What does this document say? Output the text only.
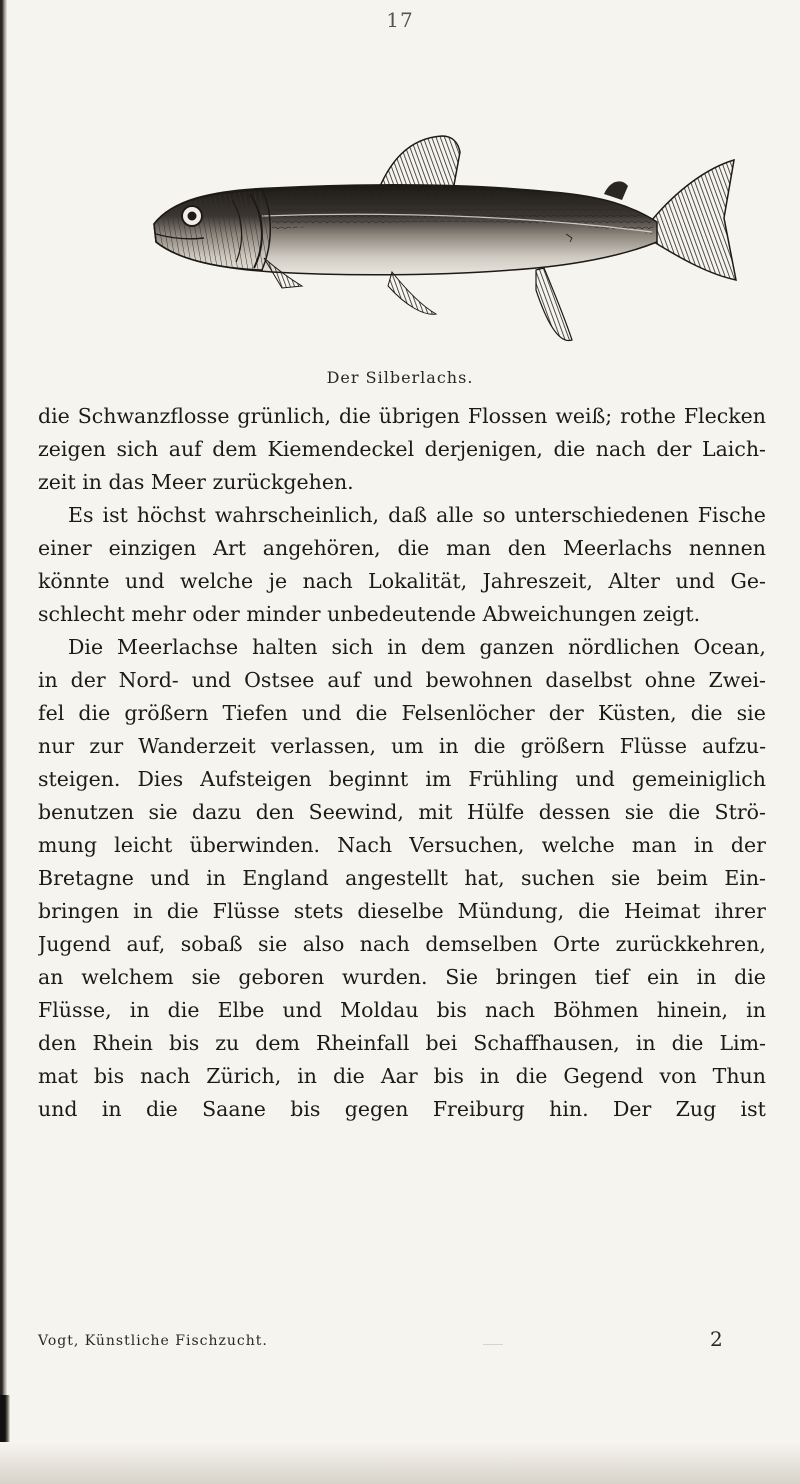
17
Der Silberlachs.
die Schwanzflosse grünlich, die übrigen Flossen weiß; rothe Flecken
zeigen sich auf dem Kiemendeckel derjenigen, die nach der Laich-
zeit in das Meer zurückgehen.
Es ist höchst wahrscheinlich, daß alle so unterschiedenen Fische
einer einzigen Art angehören, die man den Meerlachs nennen
könnte und welche je nach Lokalität, Jahreszeit, Alter und Ge-
schlecht mehr oder minder unbedeutende Abweichungen zeigt.
Die Meerlachse halten sich in dem ganzen nördlichen Ocean,
in der Nord- und Ostsee auf und bewohnen daselbst ohne Zwei-
fel die größern Tiefen und die Felsenlöcher der Küsten, die sie
nur zur Wanderzeit verlassen, um in die größern Flüsse aufzu-
steigen. Dies Aufsteigen beginnt im Frühling und gemeiniglich
benutzen sie dazu den Seewind, mit Hülfe dessen sie die Strö-
mung leicht überwinden. Nach Versuchen, welche man in der
Bretagne und in England angestellt hat, suchen sie beim Ein-
bringen in die Flüsse stets dieselbe Mündung, die Heimat ihrer
Jugend auf, sobaß sie also nach demselben Orte zurückkehren,
an welchem sie geboren wurden. Sie bringen tief ein in die
Flüsse, in die Elbe und Moldau bis nach Böhmen hinein, in
den Rhein bis zu dem Rheinfall bei Schaffhausen, in die Lim-
mat bis nach Zürich, in die Aar bis in die Gegend von Thun
und in die Saane bis gegen Freiburg hin. Der Zug ist
Vogt, Künstliche Fischzucht.	2
